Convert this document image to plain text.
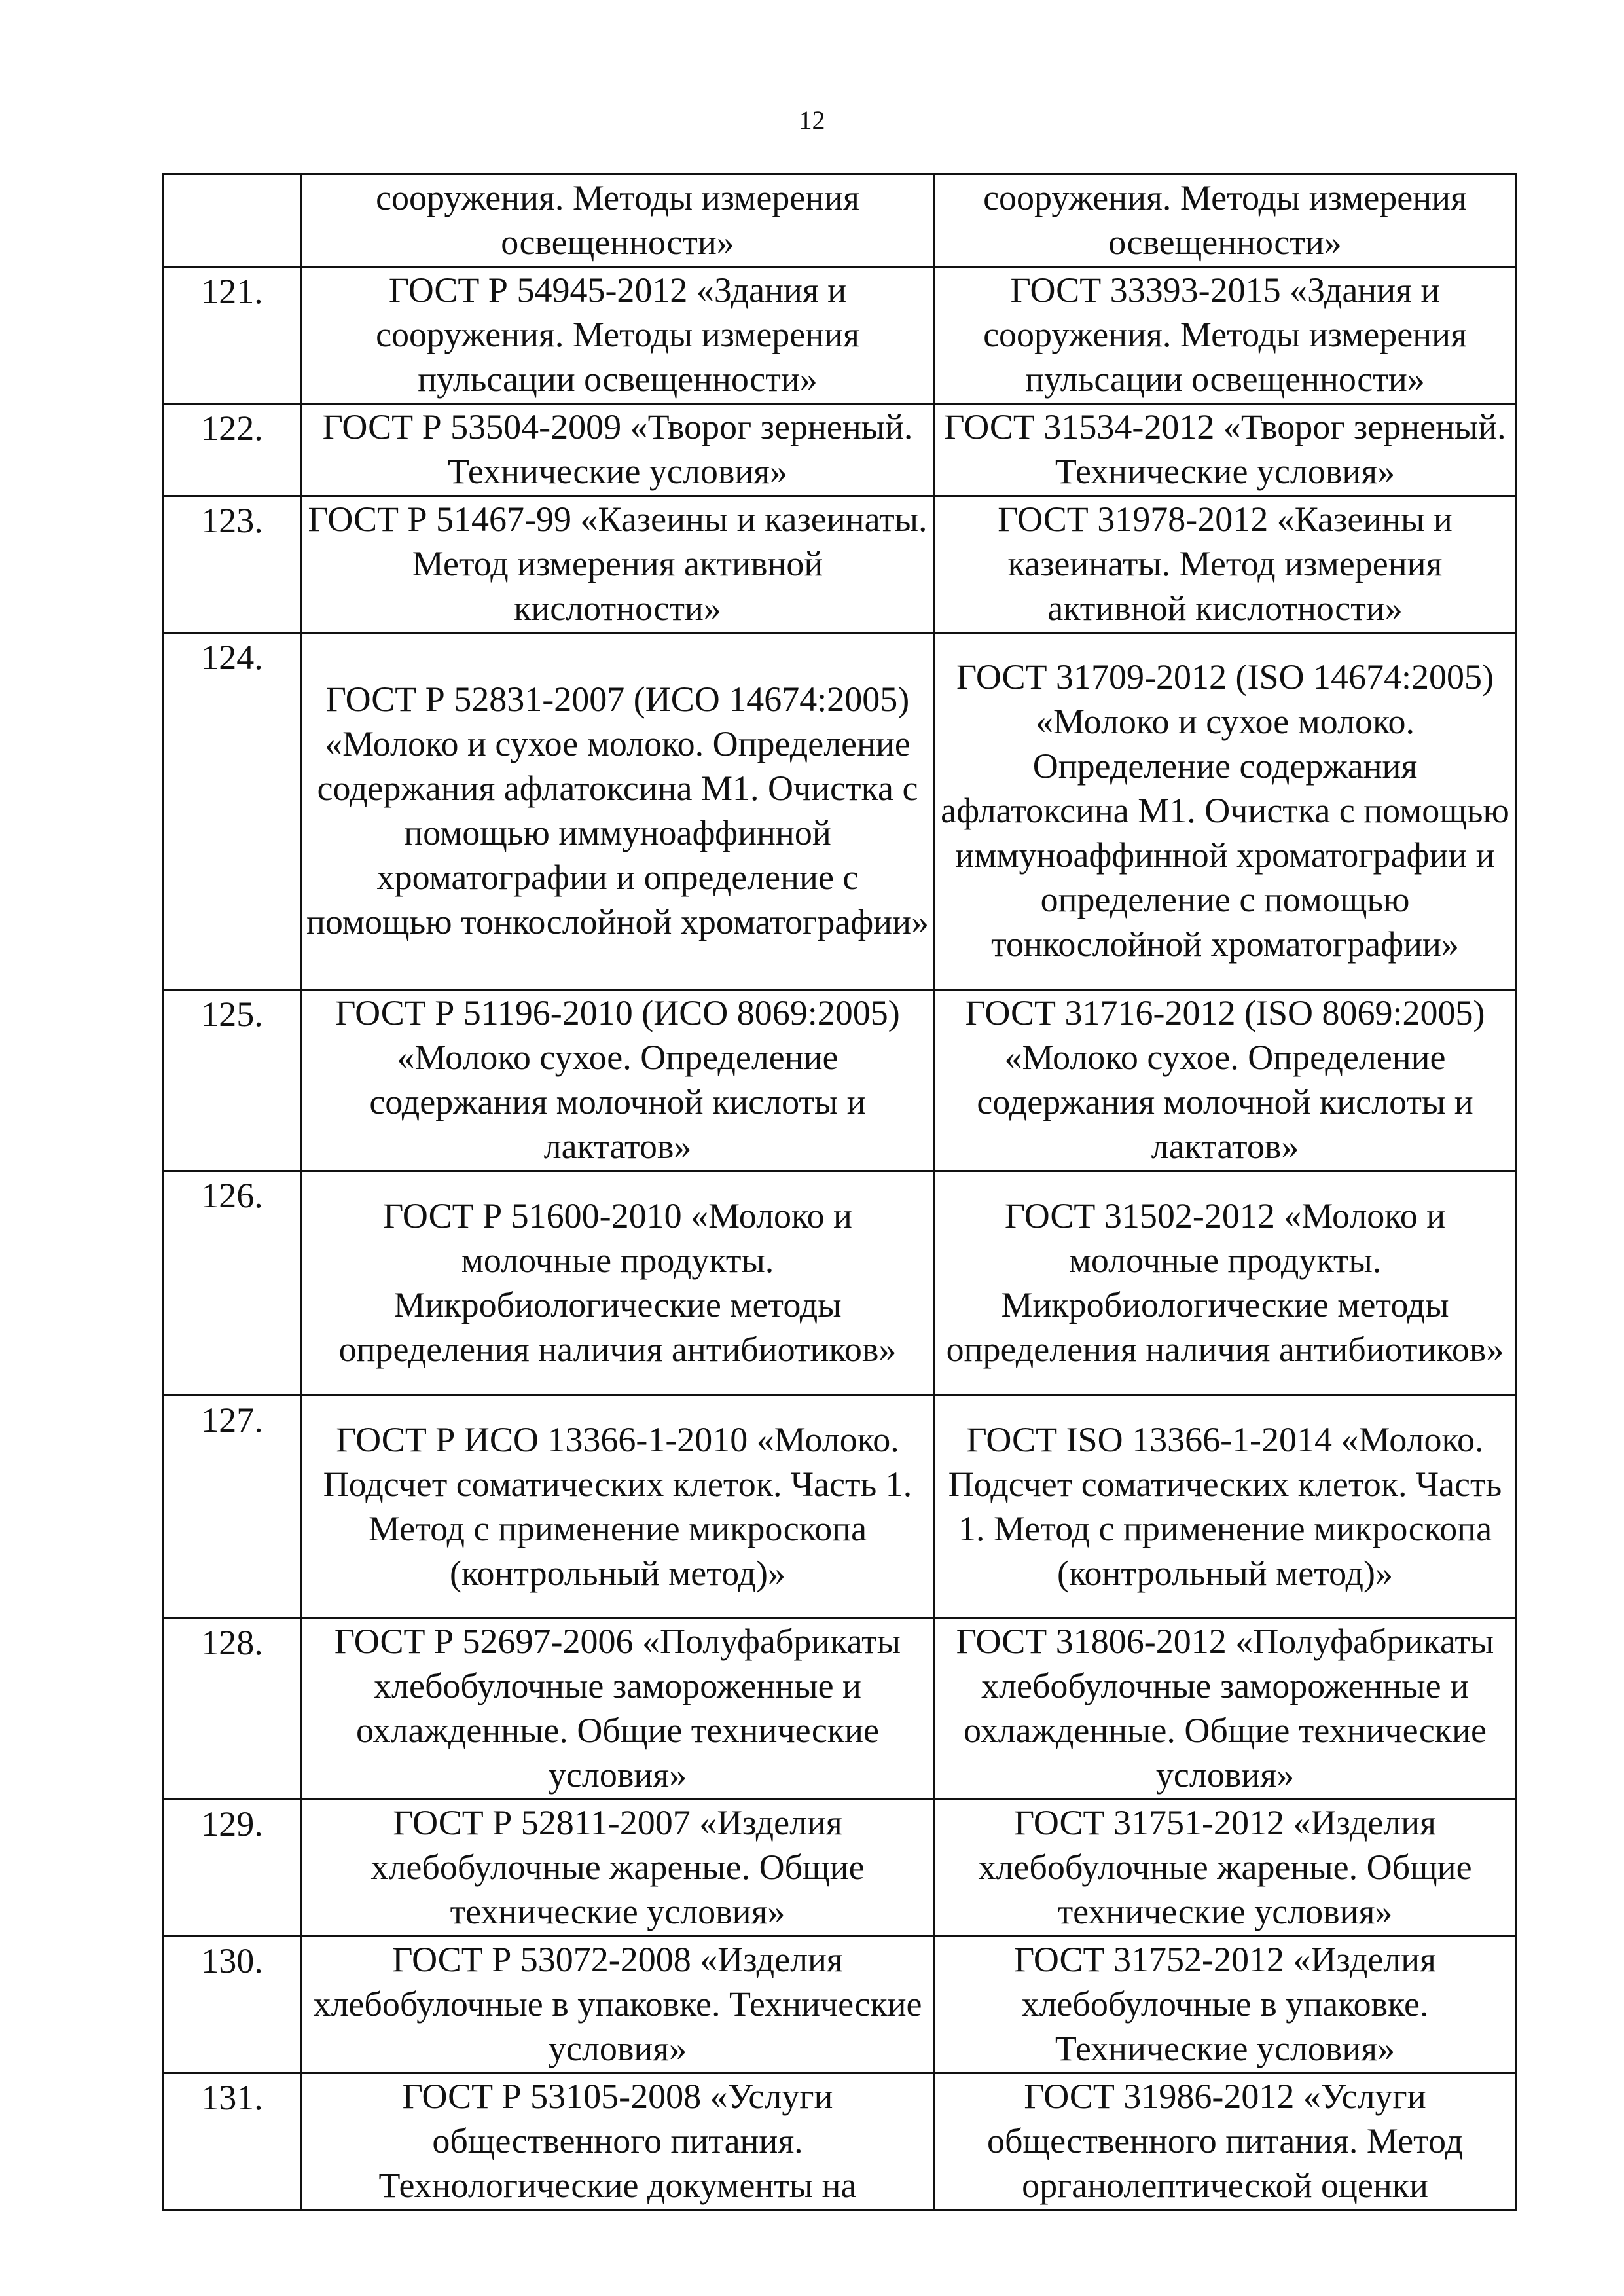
12
	сооружения. Методы измерения освещенности»	сооружения. Методы измерения освещенности»
121.	ГОСТ Р 54945-2012 «Здания и сооружения. Методы измерения пульсации освещенности»	ГОСТ 33393-2015 «Здания и сооружения. Методы измерения пульсации освещенности»
122.	ГОСТ Р 53504-2009 «Творог зерненый. Технические условия»	ГОСТ 31534-2012 «Творог зерненый. Технические условия»
123.	ГОСТ Р 51467-99 «Казеины и казеинаты. Метод измерения активной кислотности»	ГОСТ 31978-2012 «Казеины и казеинаты. Метод измерения активной кислотности»
124.	ГОСТ Р 52831-2007 (ИСО 14674:2005) «Молоко и сухое молоко. Определение содержания афлатоксина M1. Очистка с помощью иммуноаффинной хроматографии и определение с помощью тонкослойной хроматографии»	ГОСТ 31709-2012 (ISO 14674:2005) «Молоко и сухое молоко. Определение содержания афлатоксина M1. Очистка с помощью иммуноаффинной хроматографии и определение с помощью тонкослойной хроматографии»
125.	ГОСТ Р 51196-2010 (ИСО 8069:2005) «Молоко сухое. Определение содержания молочной кислоты и лактатов»	ГОСТ 31716-2012 (ISO 8069:2005) «Молоко сухое. Определение содержания молочной кислоты и лактатов»
126.	ГОСТ Р 51600-2010 «Молоко и молочные продукты. Микробиологические методы определения наличия антибиотиков»	ГОСТ 31502-2012 «Молоко и молочные продукты. Микробиологические методы определения наличия антибиотиков»
127.	ГОСТ Р ИСО 13366-1-2010 «Молоко. Подсчет соматических клеток. Часть 1. Метод с применение микроскопа (контрольный метод)»	ГОСТ ISO 13366-1-2014 «Молоко. Подсчет соматических клеток. Часть 1. Метод с применение микроскопа (контрольный метод)»
128.	ГОСТ Р 52697-2006 «Полуфабрикаты хлебобулочные замороженные и охлажденные. Общие технические условия»	ГОСТ 31806-2012 «Полуфабрикаты хлебобулочные замороженные и охлажденные. Общие технические условия»
129.	ГОСТ Р 52811-2007 «Изделия хлебобулочные жареные. Общие технические условия»	ГОСТ 31751-2012 «Изделия хлебобулочные жареные. Общие технические условия»
130.	ГОСТ Р 53072-2008 «Изделия хлебобулочные в упаковке. Технические условия»	ГОСТ 31752-2012 «Изделия хлебобулочные в упаковке. Технические условия»
131.	ГОСТ Р 53105-2008 «Услуги общественного питания. Технологические документы на	ГОСТ 31986-2012 «Услуги общественного питания. Метод органолептической оценки
